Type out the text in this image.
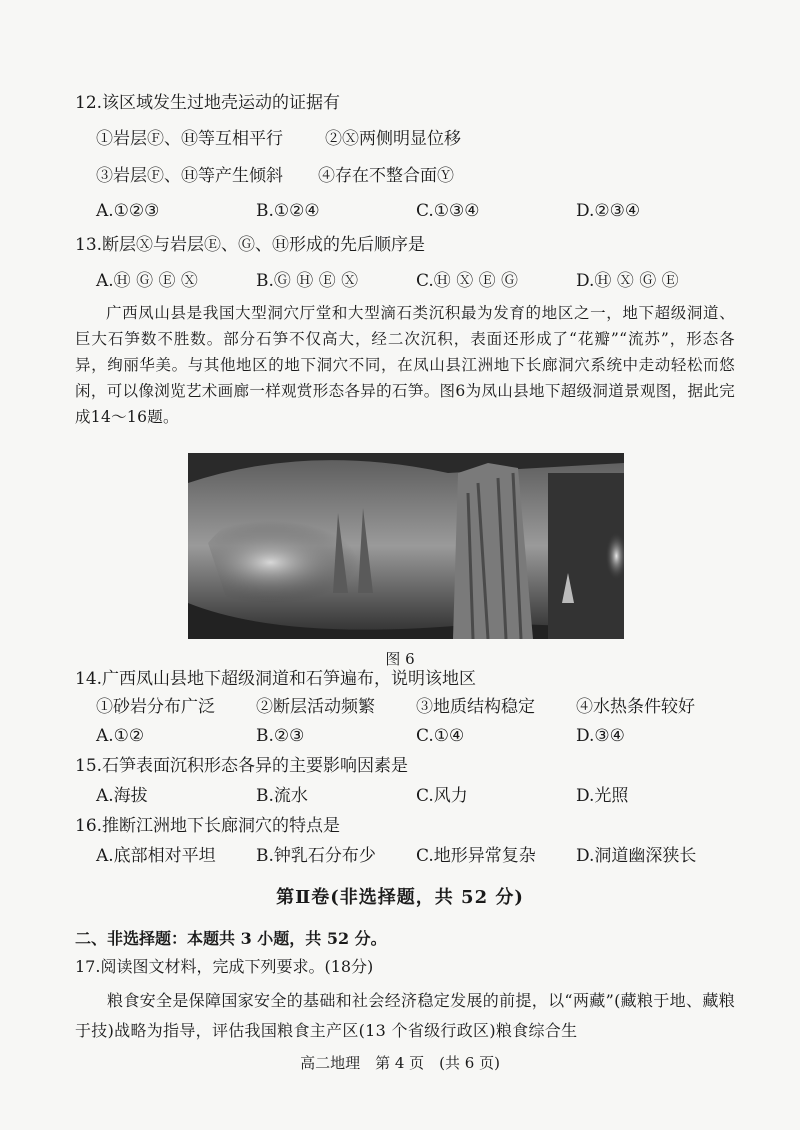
12.该区域发生过地壳运动的证据有
①岩层Ⓕ、Ⓗ等互相平行 ②Ⓧ两侧明显位移
③岩层Ⓕ、Ⓗ等产生倾斜 ④存在不整合面Ⓨ
A.①②③	B.①②④	C.①③④	D.②③④
13.断层Ⓧ与岩层Ⓔ、Ⓖ、Ⓗ形成的先后顺序是
A.Ⓗ Ⓖ Ⓔ Ⓧ	B.Ⓖ Ⓗ Ⓔ Ⓧ	C.Ⓗ Ⓧ Ⓔ Ⓖ	D.Ⓗ Ⓧ Ⓖ Ⓔ
广西凤山县是我国大型洞穴厅堂和大型滴石类沉积最为发育的地区之一，地下超级洞道、巨大石笋数不胜数。部分石笋不仅高大，经二次沉积，表面还形成了“花瓣”“流苏”，形态各异，绚丽华美。与其他地区的地下洞穴不同，在凤山县江洲地下长廊洞穴系统中走动轻松而悠闲，可以像浏览艺术画廊一样观赏形态各异的石笋。图6为凤山县地下超级洞道景观图，据此完成14～16题。
图 6
14.广西凤山县地下超级洞道和石笋遍布，说明该地区
①砂岩分布广泛 ②断层活动频繁 ③地质结构稳定 ④水热条件较好
A.①②	B.②③	C.①④	D.③④
15.石笋表面沉积形态各异的主要影响因素是
A.海拔	B.流水	C.风力	D.光照
16.推断江洲地下长廊洞穴的特点是
A.底部相对平坦 B.钟乳石分布少 C.地形异常复杂 D.洞道幽深狭长
第Ⅱ卷(非选择题，共 52 分)
二、非选择题：本题共 3 小题，共 52 分。
17.阅读图文材料，完成下列要求。(18分)
粮食安全是保障国家安全的基础和社会经济稳定发展的前提，以“两藏”(藏粮于地、藏粮于技)战略为指导，评估我国粮食主产区(13 个省级行政区)粮食综合生
高二地理　第 4 页　(共 6 页)
